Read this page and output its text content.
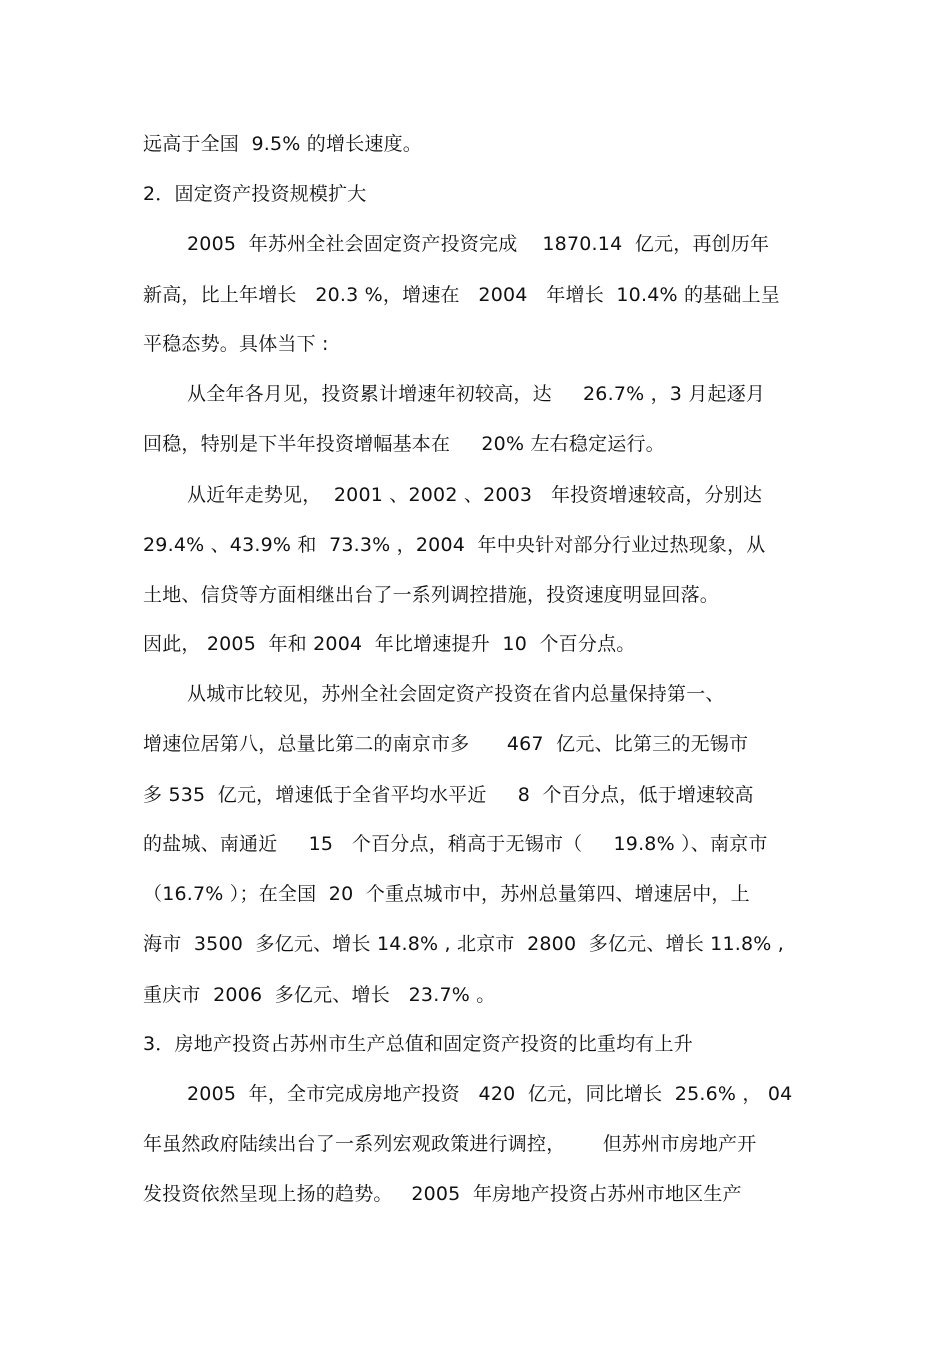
远高于全国  9.5% 的增长速度。
2．固定资产投资规模扩大
2005  年苏州全社会固定资产投资完成    1870.14  亿元，再创历年
新高，比上年增长   20.3 %，增速在   2004   年增长  10.4% 的基础上呈
平稳态势。具体当下 :
从全年各月见，投资累计增速年初较高，达     26.7% ，3 月起逐月
回稳，特别是下半年投资增幅基本在     20% 左右稳定运行。
从近年走势见，  2001 、2002 、2003   年投资增速较高，分别达
29.4% 、43.9% 和  73.3% ，2004  年中央针对部分行业过热现象，从
土地、信贷等方面相继出台了一系列调控措施，投资速度明显回落。
因此， 2005  年和 2004  年比增速提升  10  个百分点。
从城市比较见，苏州全社会固定资产投资在省内总量保持第一、
增速位居第八，总量比第二的南京市多      467  亿元、比第三的无锡市
多 535  亿元，增速低于全省平均水平近     8  个百分点，低于增速较高
的盐城、南通近     15   个百分点，稍高于无锡市（     19.8% ）、南京市
（16.7% ）；在全国  20  个重点城市中，苏州总量第四、增速居中，上
海市  3500  多亿元、增长 14.8% , 北京市  2800  多亿元、增长 11.8% ,
重庆市  2006  多亿元、增长   23.7% 。
3．房地产投资占苏州市生产总值和固定资产投资的比重均有上升
2005  年，全市完成房地产投资   420  亿元，同比增长  25.6% ， 04
年虽然政府陆续出台了一系列宏观政策进行调控，      但苏州市房地产开
发投资依然呈现上扬的趋势。   2005  年房地产投资占苏州市地区生产
